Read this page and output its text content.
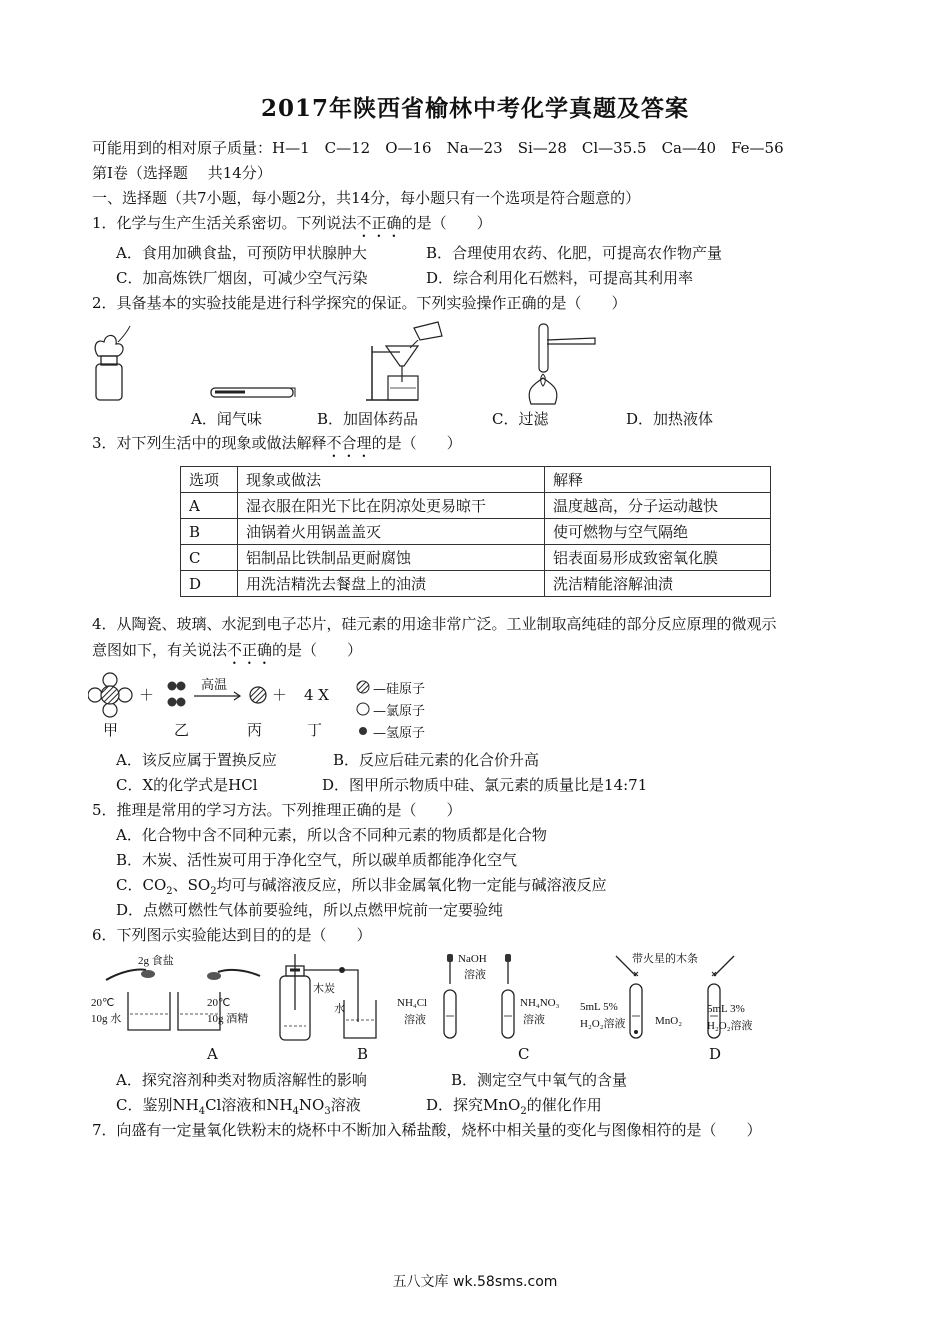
2017年陕西省榆林中考化学真题及答案
可能用到的相对原子质量：H—1　C—12　O—16　Na—23　Si—28　Cl—35.5　Ca—40　Fe—56
第Ⅰ卷（选择题　 共14分）
一、选择题（共7小题，每小题2分，共14分，每小题只有一个选项是符合题意的）
1．化学与生产生活关系密切。下列说法不正确的是（　　）
A．食用加碘食盐，可预防甲状腺肿大	B．合理使用农药、化肥，可提高农作物产量
C．加高炼铁厂烟囱，可减少空气污染	D．综合利用化石燃料，可提高其利用率
2．具备基本的实验技能是进行科学探究的保证。下列实验操作正确的是（　　）
A．闻气味	B．加固体药品	C．过滤	D．加热液体
3．对下列生活中的现象或做法解释不合理的是（　　）
选项	现象或做法	解释
A	湿衣服在阳光下比在阴凉处更易晾干	温度越高，分子运动越快
B	油锅着火用锅盖盖灭	使可燃物与空气隔绝
C	铝制品比铁制品更耐腐蚀	铝表面易形成致密氧化膜
D	用洗洁精洗去餐盘上的油渍	洗洁精能溶解油渍
4．从陶瓷、玻璃、水泥到电子芯片，硅元素的用途非常广泛。工业制取高纯硅的部分反应原理的微观示
意图如下，有关说法不正确的是（　　）
＋
高温
＋ 4 X	—硅原子
—氯原子
—氢原子
甲	乙	丙	丁
A．该反应属于置换反应	B．反应后硅元素的化合价升高
C．X的化学式是HCl	D．图甲所示物质中硅、氯元素的质量比是14:71
5．推理是常用的学习方法。下列推理正确的是（　　）
A．化合物中含不同种元素，所以含不同种元素的物质都是化合物
B．木炭、活性炭可用于净化空气，所以碳单质都能净化空气
C．$CO_2$、$SO_2$均可与碱溶液反应，所以非金属氧化物一定能与碱溶液反应
D．点燃可燃性气体前要验纯，所以点燃甲烷前一定要验纯
6．下列图示实验能达到目的的是（　　）
2g 食盐
20℃
10g 水
20℃
10g 酒精
木炭
水
NaOH
溶液
NH₄Cl
溶液
NH₄NO₃
溶液
带火星的木条
5mL 5%
H₂O₂溶液	MnO₂
5mL 3%
H₂O₂溶液
A	B	C	D
A．探究溶剂种类对物质溶解性的影响	B．测定空气中氧气的含量
C．鉴别$NH_4Cl$溶液和$NH_4NO_3$溶液	D．探究MnO$_2$的催化作用
7．向盛有一定量氧化铁粉末的烧杯中不断加入稀盐酸，烧杯中相关量的变化与图像相符的是（　　）
五八文库 wk.58sms.com
